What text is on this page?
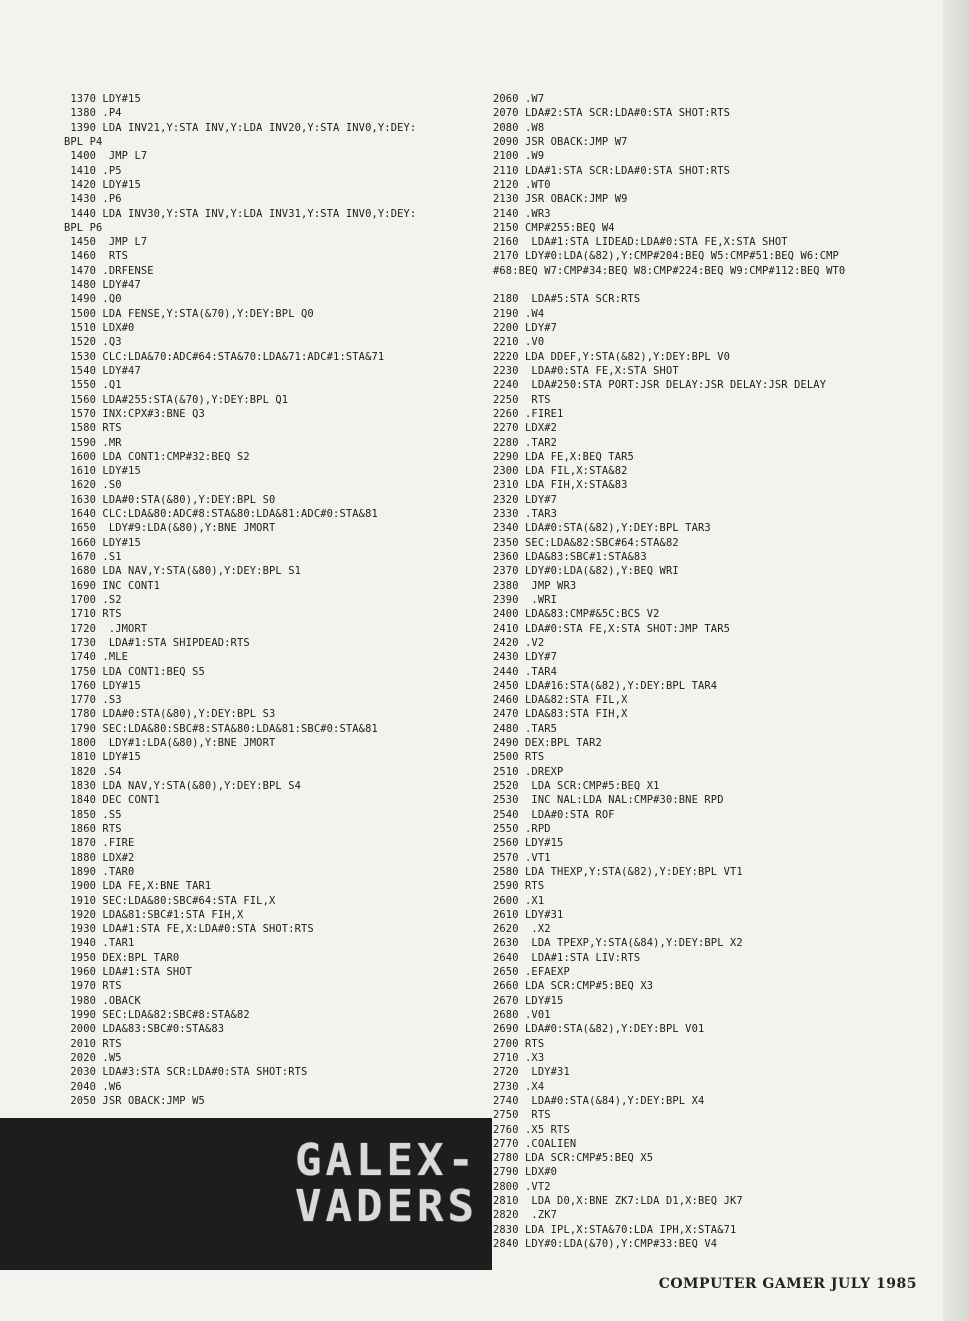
1370 LDY#15
1380 .P4
1390 LDA INV21,Y:STA INV,Y:LDA INV20,Y:STA INV0,Y:DEY:
BPL P4
1400  JMP L7
1410 .P5
1420 LDY#15
1430 .P6
1440 LDA INV30,Y:STA INV,Y:LDA INV31,Y:STA INV0,Y:DEY:
BPL P6
1450  JMP L7
1460  RTS
1470 .DRFENSE
1480 LDY#47
1490 .Q0
1500 LDA FENSE,Y:STA(&70),Y:DEY:BPL Q0
1510 LDX#0
1520 .Q3
1530 CLC:LDA&70:ADC#64:STA&70:LDA&71:ADC#1:STA&71
1540 LDY#47
1550 .Q1
1560 LDA#255:STA(&70),Y:DEY:BPL Q1
1570 INX:CPX#3:BNE Q3
1580 RTS
1590 .MR
1600 LDA CONT1:CMP#32:BEQ S2
1610 LDY#15
1620 .S0
1630 LDA#0:STA(&80),Y:DEY:BPL S0
1640 CLC:LDA&80:ADC#8:STA&80:LDA&81:ADC#0:STA&81
1650  LDY#9:LDA(&80),Y:BNE JMORT
1660 LDY#15
1670 .S1
1680 LDA NAV,Y:STA(&80),Y:DEY:BPL S1
1690 INC CONT1
1700 .S2
1710 RTS
1720  .JMORT
1730  LDA#1:STA SHIPDEAD:RTS
1740 .MLE
1750 LDA CONT1:BEQ S5
1760 LDY#15
1770 .S3
1780 LDA#0:STA(&80),Y:DEY:BPL S3
1790 SEC:LDA&80:SBC#8:STA&80:LDA&81:SBC#0:STA&81
1800  LDY#1:LDA(&80),Y:BNE JMORT
1810 LDY#15
1820 .S4
1830 LDA NAV,Y:STA(&80),Y:DEY:BPL S4
1840 DEC CONT1
1850 .S5
1860 RTS
1870 .FIRE
1880 LDX#2
1890 .TAR0
1900 LDA FE,X:BNE TAR1
1910 SEC:LDA&80:SBC#64:STA FIL,X
1920 LDA&81:SBC#1:STA FIH,X
1930 LDA#1:STA FE,X:LDA#0:STA SHOT:RTS
1940 .TAR1
1950 DEX:BPL TAR0
1960 LDA#1:STA SHOT
1970 RTS
1980 .OBACK
1990 SEC:LDA&82:SBC#8:STA&82
2000 LDA&83:SBC#0:STA&83
2010 RTS
2020 .W5
2030 LDA#3:STA SCR:LDA#0:STA SHOT:RTS
2040 .W6
2050 JSR OBACK:JMP W5
2060 .W7
2070 LDA#2:STA SCR:LDA#0:STA SHOT:RTS
2080 .W8
2090 JSR OBACK:JMP W7
2100 .W9
2110 LDA#1:STA SCR:LDA#0:STA SHOT:RTS
2120 .WT0
2130 JSR OBACK:JMP W9
2140 .WR3
2150 CMP#255:BEQ W4
2160  LDA#1:STA LIDEAD:LDA#0:STA FE,X:STA SHOT
2170 LDY#0:LDA(&82),Y:CMP#204:BEQ W5:CMP#51:BEQ W6:CMP
#68:BEQ W7:CMP#34:BEQ W8:CMP#224:BEQ W9:CMP#112:BEQ WT0
2180  LDA#5:STA SCR:RTS
2190 .W4
2200 LDY#7
2210 .V0
2220 LDA DDEF,Y:STA(&82),Y:DEY:BPL V0
2230  LDA#0:STA FE,X:STA SHOT
2240  LDA#250:STA PORT:JSR DELAY:JSR DELAY:JSR DELAY
2250  RTS
2260 .FIRE1
2270 LDX#2
2280 .TAR2
2290 LDA FE,X:BEQ TAR5
2300 LDA FIL,X:STA&82
2310 LDA FIH,X:STA&83
2320 LDY#7
2330 .TAR3
2340 LDA#0:STA(&82),Y:DEY:BPL TAR3
2350 SEC:LDA&82:SBC#64:STA&82
2360 LDA&83:SBC#1:STA&83
2370 LDY#0:LDA(&82),Y:BEQ WRI
2380  JMP WR3
2390  .WRI
2400 LDA&83:CMP#&5C:BCS V2
2410 LDA#0:STA FE,X:STA SHOT:JMP TAR5
2420 .V2
2430 LDY#7
2440 .TAR4
2450 LDA#16:STA(&82),Y:DEY:BPL TAR4
2460 LDA&82:STA FIL,X
2470 LDA&83:STA FIH,X
2480 .TAR5
2490 DEX:BPL TAR2
2500 RTS
2510 .DREXP
2520  LDA SCR:CMP#5:BEQ X1
2530  INC NAL:LDA NAL:CMP#30:BNE RPD
2540  LDA#0:STA ROF
2550 .RPD
2560 LDY#15
2570 .VT1
2580 LDA THEXP,Y:STA(&82),Y:DEY:BPL VT1
2590 RTS
2600 .X1
2610 LDY#31
2620  .X2
2630  LDA TPEXP,Y:STA(&84),Y:DEY:BPL X2
2640  LDA#1:STA LIV:RTS
2650 .EFAEXP
2660 LDA SCR:CMP#5:BEQ X3
2670 LDY#15
2680 .V01
2690 LDA#0:STA(&82),Y:DEY:BPL V01
2700 RTS
2710 .X3
2720  LDY#31
2730 .X4
2740  LDA#0:STA(&84),Y:DEY:BPL X4
2750  RTS
2760 .X5 RTS
2770 .COALIEN
2780 LDA SCR:CMP#5:BEQ X5
2790 LDX#0
2800 .VT2
2810  LDA D0,X:BNE ZK7:LDA D1,X:BEQ JK7
2820  .ZK7
2830 LDA IPL,X:STA&70:LDA IPH,X:STA&71
2840 LDY#0:LDA(&70),Y:CMP#33:BEQ V4
GALEX-
VADERS
COMPUTER GAMER JULY 1985
